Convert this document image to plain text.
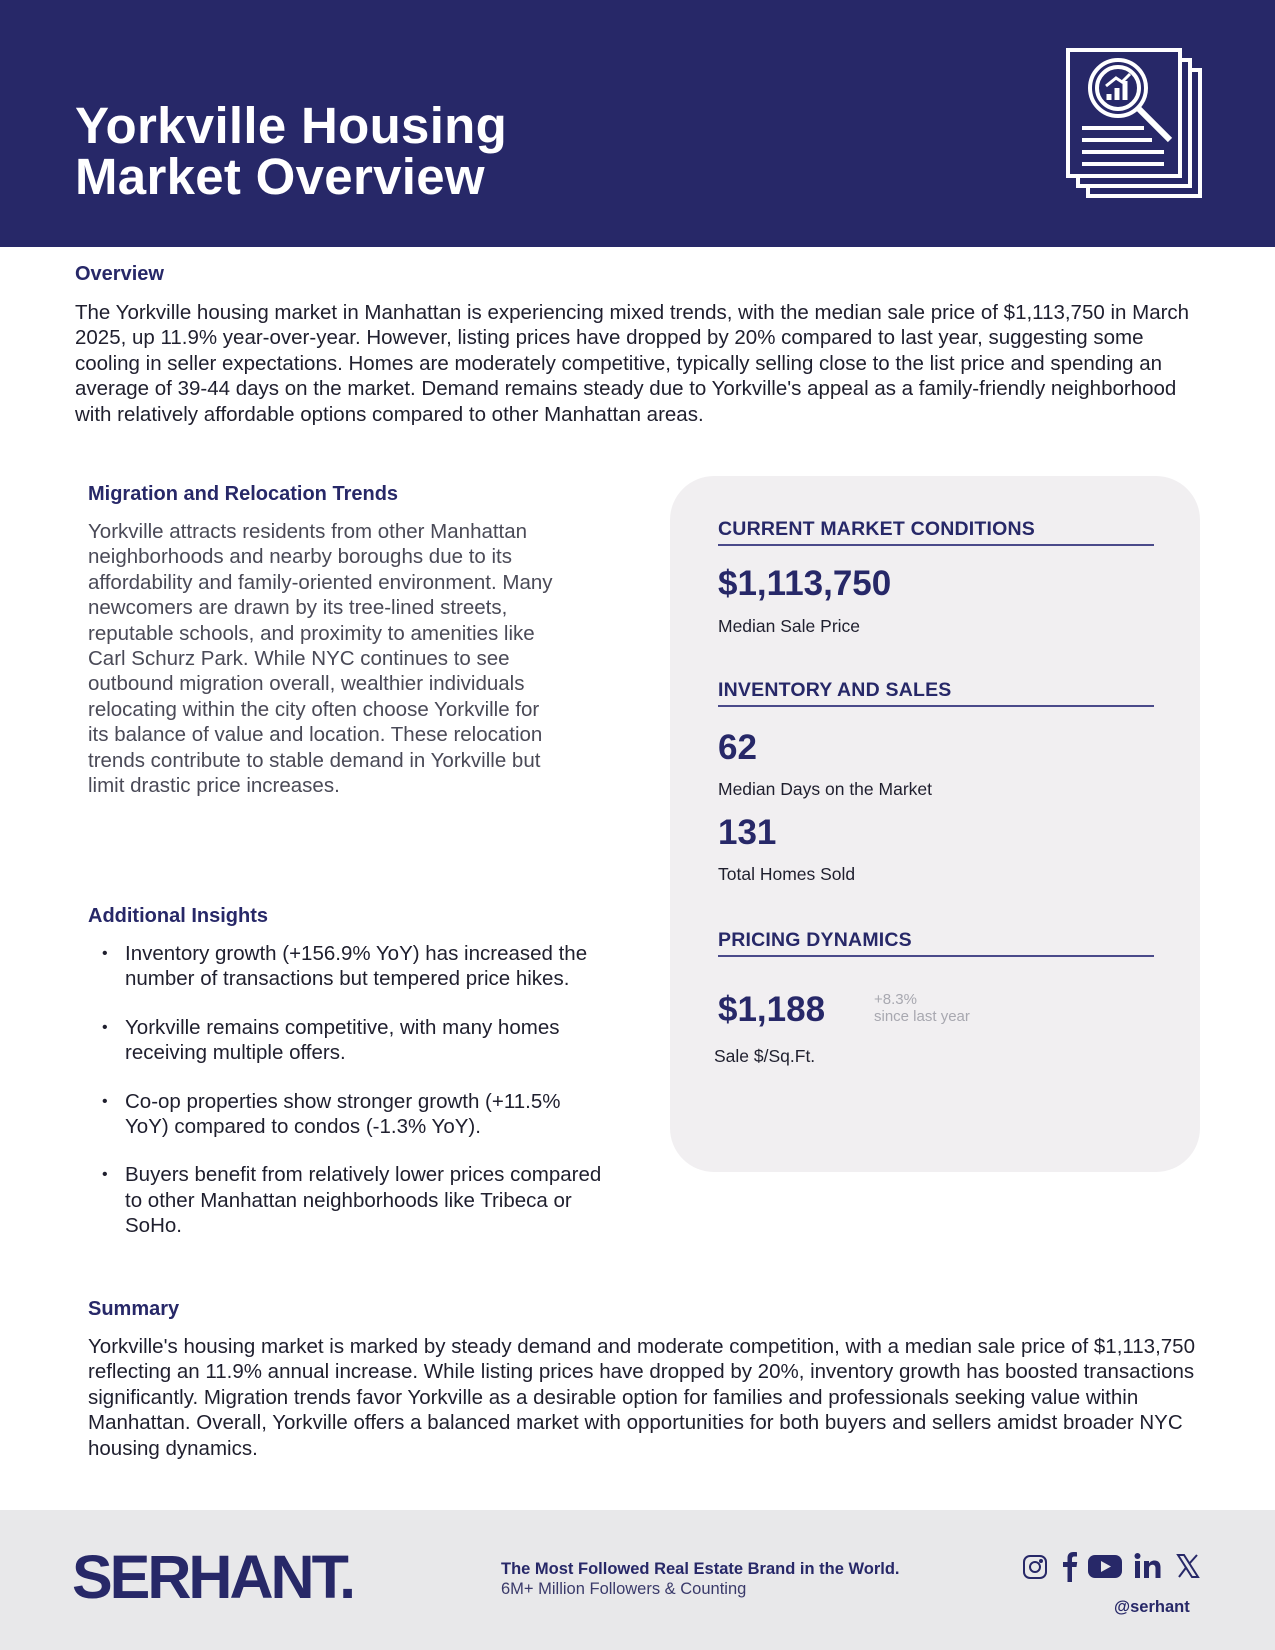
Yorkville Housing
Market Overview
Overview

The Yorkville housing market in Manhattan is experiencing mixed trends, with the median sale price of $1,113,750 in March 2025, up 11.9% year-over-year. However, listing prices have dropped by 20% compared to last year, suggesting some cooling in seller expectations. Homes are moderately competitive, typically selling close to the list price and spending an average of 39-44 days on the market. Demand remains steady due to Yorkville's appeal as a family-friendly neighborhood with relatively affordable options compared to other Manhattan areas.

Migration and Relocation Trends

Yorkville attracts residents from other Manhattan neighborhoods and nearby boroughs due to its affordability and family-oriented environment. Many newcomers are drawn by its tree-lined streets, reputable schools, and proximity to amenities like Carl Schurz Park. While NYC continues to see outbound migration overall, wealthier individuals relocating within the city often choose Yorkville for its balance of value and location. These relocation trends contribute to stable demand in Yorkville but limit drastic price increases.

Additional Insights
• Inventory growth (+156.9% YoY) has increased the number of transactions but tempered price hikes.
• Yorkville remains competitive, with many homes receiving multiple offers.
• Co-op properties show stronger growth (+11.5% YoY) compared to condos (-1.3% YoY).
• Buyers benefit from relatively lower prices compared to other Manhattan neighborhoods like Tribeca or SoHo.
CURRENT MARKET CONDITIONS
$1,113,750
Median Sale Price
INVENTORY AND SALES
62
Median Days on the Market
131
Total Homes Sold
PRICING DYNAMICS
$1,188	+8.3%
since last year
Sale $/Sq.Ft.
Summary

Yorkville's housing market is marked by steady demand and moderate competition, with a median sale price of $1,113,750 reflecting an 11.9% annual increase. While listing prices have dropped by 20%, inventory growth has boosted transactions significantly. Migration trends favor Yorkville as a desirable option for families and professionals seeking value within Manhattan. Overall, Yorkville offers a balanced market with opportunities for both buyers and sellers amidst broader NYC housing dynamics.

SERHANT.	The Most Followed Real Estate Brand in the World.
6M+ Million Followers & Counting
@serhant
